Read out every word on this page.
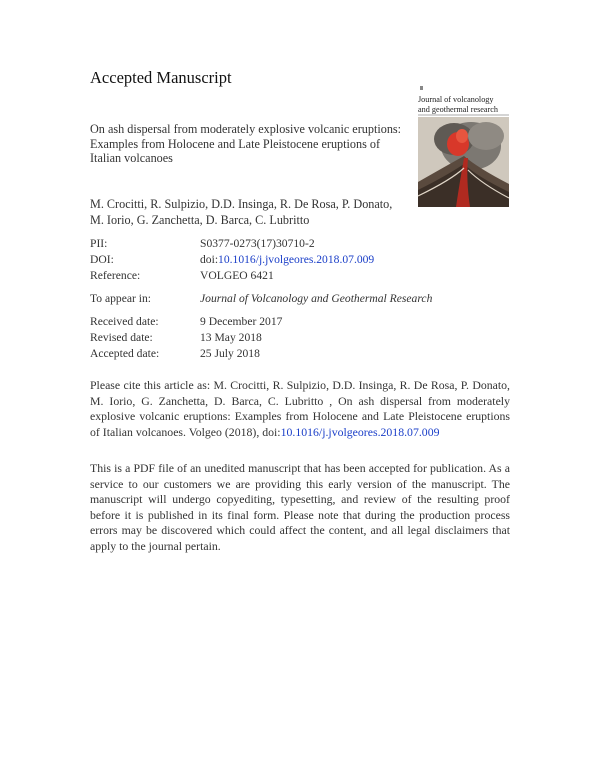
Accepted Manuscript
Journal of volcanology
and geothermal research
On ash dispersal from moderately explosive volcanic eruptions: Examples from Holocene and Late Pleistocene eruptions of Italian volcanoes
M. Crocitti, R. Sulpizio, D.D. Insinga, R. De Rosa, P. Donato, M. Iorio, G. Zanchetta, D. Barca, C. Lubritto
PII:	S0377-0273(17)30710-2
DOI:	doi:10.1016/j.jvolgeores.2018.07.009
Reference:	VOLGEO 6421
To appear in:	Journal of Volcanology and Geothermal Research
Received date:	9 December 2017
Revised date:	13 May 2018
Accepted date:	25 July 2018
Please cite this article as: M. Crocitti, R. Sulpizio, D.D. Insinga, R. De Rosa, P. Donato, M. Iorio, G. Zanchetta, D. Barca, C. Lubritto , On ash dispersal from moderately explosive volcanic eruptions: Examples from Holocene and Late Pleistocene eruptions of Italian volcanoes. Volgeo (2018), doi:10.1016/j.jvolgeores.2018.07.009
This is a PDF file of an unedited manuscript that has been accepted for publication. As a service to our customers we are providing this early version of the manuscript. The manuscript will undergo copyediting, typesetting, and review of the resulting proof before it is published in its final form. Please note that during the production process errors may be discovered which could affect the content, and all legal disclaimers that apply to the journal pertain.
